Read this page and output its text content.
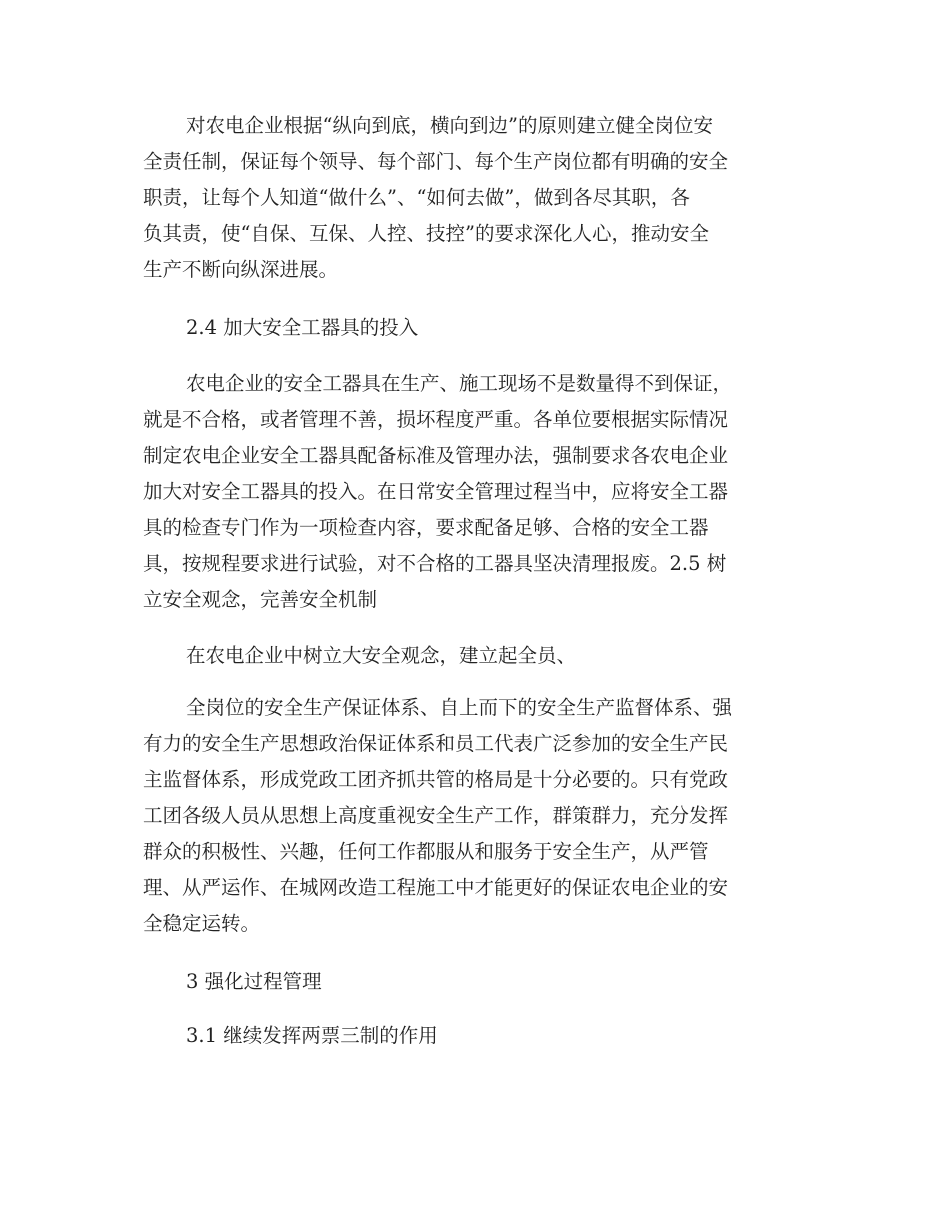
对农电企业根据“纵向到底，横向到边”的原则建立健全岗位安
全责任制，保证每个领导、每个部门、每个生产岗位都有明确的安全
职责，让每个人知道“做什么”、“如何去做”，做到各尽其职，各
负其责，使“自保、互保、人控、技控”的要求深化人心，推动安全
生产不断向纵深进展。
2.4 加大安全工器具的投入
农电企业的安全工器具在生产、施工现场不是数量得不到保证，
就是不合格，或者管理不善，损坏程度严重。各单位要根据实际情况
制定农电企业安全工器具配备标准及管理办法，强制要求各农电企业
加大对安全工器具的投入。在日常安全管理过程当中，应将安全工器
具的检查专门作为一项检查内容，要求配备足够、合格的安全工器
具，按规程要求进行试验，对不合格的工器具坚决清理报废。2.5 树
立安全观念，完善安全机制
在农电企业中树立大安全观念，建立起全员、
全岗位的安全生产保证体系、自上而下的安全生产监督体系、强
有力的安全生产思想政治保证体系和员工代表广泛参加的安全生产民
主监督体系，形成党政工团齐抓共管的格局是十分必要的。只有党政
工团各级人员从思想上高度重视安全生产工作，群策群力，充分发挥
群众的积极性、兴趣，任何工作都服从和服务于安全生产，从严管
理、从严运作、在城网改造工程施工中才能更好的保证农电企业的安
全稳定运转。
3 强化过程管理
3.1 继续发挥两票三制的作用
